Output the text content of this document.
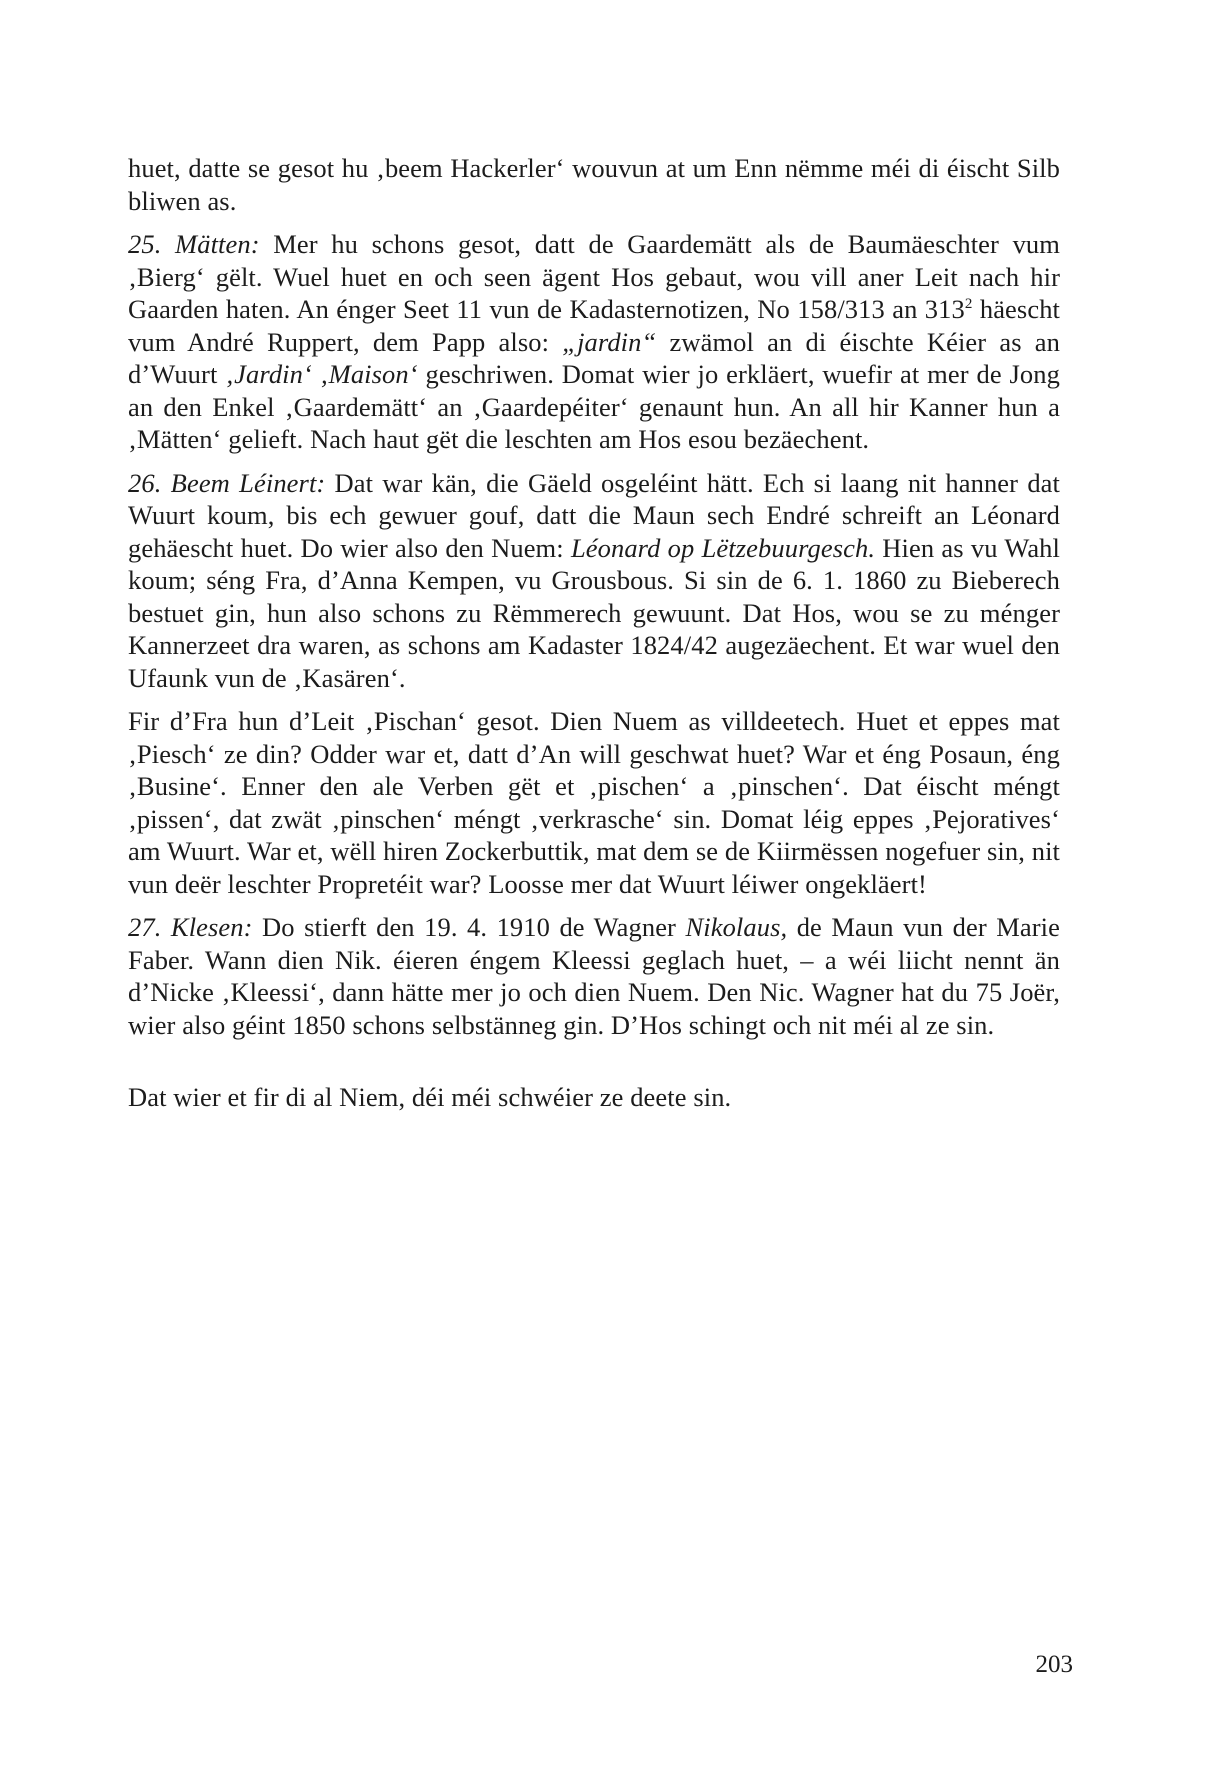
huet, datte se gesot hu ‚beem Hackerler‘ wouvun at um Enn nëmme méi di éischt Silb bliwen as.

25. Mätten: Mer hu schons gesot, datt de Gaardemätt als de Baumäeschter vum ‚Bierg‘ gëlt. Wuel huet en och seen ägent Hos gebaut, wou vill aner Leit nach hir Gaarden haten. An énger Seet 11 vun de Kadasternotizen, No 158/313 an $313^2$ häescht vum André Ruppert, dem Papp also: „jardin“ zwämol an di éischte Kéier as an d’Wuurt ‚Jardin‘ ‚Maison‘ geschriwen. Domat wier jo erkläert, wuefir at mer de Jong an den Enkel ‚Gaardemätt‘ an ‚Gaardepéiter‘ genaunt hun. An all hir Kanner hun a ‚Mätten‘ gelieft. Nach haut gët die leschten am Hos esou bezäechent.

26. Beem Léinert: Dat war kän, die Gäeld osgeléint hätt. Ech si laang nit hanner dat Wuurt koum, bis ech gewuer gouf, datt die Maun sech Endré schreift an Léonard gehäescht huet. Do wier also den Nuem: Léonard op Lëtzebuurgesch. Hien as vu Wahl koum; séng Fra, d’Anna Kempen, vu Grousbous. Si sin de 6. 1. 1860 zu Bieberech bestuet gin, hun also schons zu Rëmmerech gewuunt. Dat Hos, wou se zu ménger Kannerzeet dra waren, as schons am Kadaster 1824/42 augezäechent. Et war wuel den Ufaunk vun de ‚Kasären‘.

Fir d’Fra hun d’Leit ‚Pischan‘ gesot. Dien Nuem as villdeetech. Huet et eppes mat ‚Piesch‘ ze din? Odder war et, datt d’An will geschwat huet? War et éng Posaun, éng ‚Busine‘. Enner den ale Verben gët et ‚pischen‘ a ‚pinschen‘. Dat éischt méngt ‚pissen‘, dat zwät ‚pinschen‘ méngt ‚verkrasche‘ sin. Domat léig eppes ‚Pejoratives‘ am Wuurt. War et, wëll hiren Zockerbuttik, mat dem se de Kiirmëssen nogefuer sin, nit vun deër leschter Propretéit war? Loosse mer dat Wuurt léiwer ongekläert!

27. Klesen: Do stierft den 19. 4. 1910 de Wagner Nikolaus, de Maun vun der Marie Faber. Wann dien Nik. éieren éngem Kleessi geglach huet, – a wéi liicht nennt än d’Nicke ‚Kleessi‘, dann hätte mer jo och dien Nuem. Den Nic. Wagner hat du 75 Joër, wier also géint 1850 schons selbstänneg gin. D’Hos schingt och nit méi al ze sin.

Dat wier et fir di al Niem, déi méi schwéier ze deete sin.

203
